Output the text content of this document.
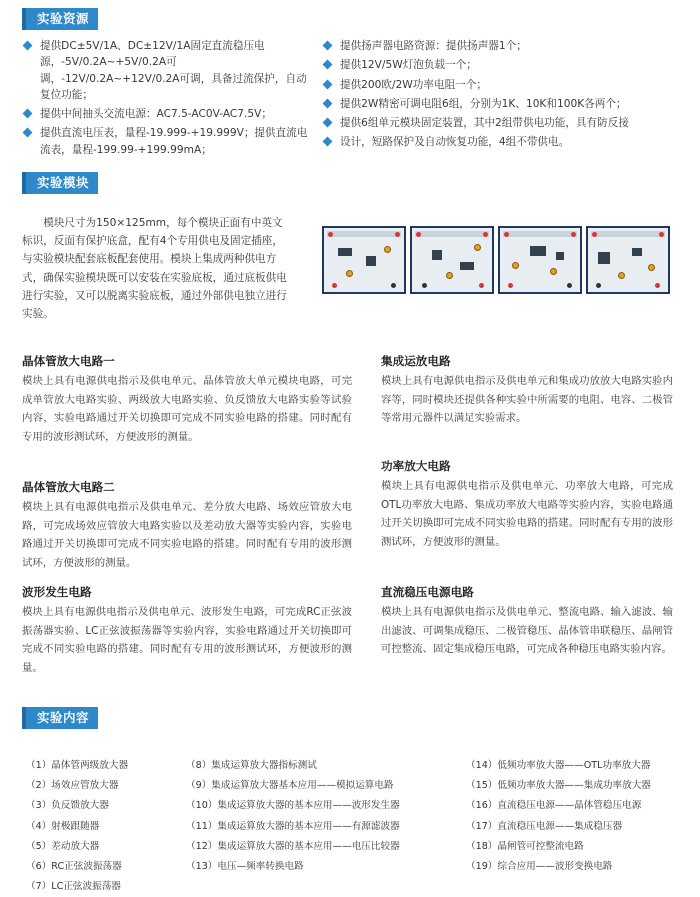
实验资源
提供DC±5V/1A、DC±12V/1A固定直流稳压电源，-5V/0.2A~+5V/0.2A可调，-12V/0.2A~+12V/0.2A可调，具备过流保护，自动复位功能；
提供中间抽头交流电源：AC7.5-AC0V-AC7.5V；
提供直流电压表，量程-19.999-+19.999V；提供直流电流表，量程-199.99-+199.99mA；
提供扬声器电路资源：提供扬声器1个；
提供12V/5W灯泡负载一个；
提供200欧/2W功率电阻一个；
提供2W精密可调电阻6组，分别为1K、10K和100K各两个；
提供6组单元模块固定装置，其中2组带供电功能，具有防反接
设计，短路保护及自动恢复功能，4组不带供电。
实验模块

模块尺寸为150×125mm，每个模块正面有中英文标识，反面有保护底盒，配有4个专用供电及固定插座，与实验模块配套底板配套使用。模块上集成两种供电方式，确保实验模块既可以安装在实验底板，通过底板供电进行实验，又可以脱离实验底板，通过外部供电独立进行实验。

晶体管放大电路一

模块上具有电源供电指示及供电单元、晶体管放大单元模块电路，可完成单管放大电路实验、两级放大电路实验、负反馈放大电路实验等试验内容，实验电路通过开关切换即可完成不同实验电路的搭建。同时配有专用的波形测试环，方便波形的测量。

晶体管放大电路二

模块上具有电源供电指示及供电单元、差分放大电路、场效应管放大电路，可完成场效应管放大电路实验以及差动放大器等实验内容，实验电路通过开关切换即可完成不同实验电路的搭建。同时配有专用的波形测试环，方便波形的测量。

波形发生电路

模块上具有电源供电指示及供电单元、波形发生电路，可完成RC正弦波振荡器实验、LC正弦波振荡器等实验内容，实验电路通过开关切换即可完成不同实验电路的搭建。同时配有专用的波形测试环，方便波形的测量。

集成运放电路

模块上具有电源供电指示及供电单元和集成功放放大电路实验内容等，同时模块还提供各种实验中所需要的电阻、电容、二极管等常用元器件以满足实验需求。

功率放大电路

模块上具有电源供电指示及供电单元、功率放大电路，可完成OTL功率放大电路、集成功率放大电路等实验内容，实验电路通过开关切换即可完成不同实验电路的搭建。同时配有专用的波形测试环，方便波形的测量。

直流稳压电源电路

模块上具有电源供电指示及供电单元、整流电路、输入滤波、输出滤波、可调集成稳压、二极管稳压、晶体管串联稳压、晶闸管可控整流、固定集成稳压电路，可完成各种稳压电路实验内容。

实验内容
（1）晶体管两级放大器
（2）场效应管放大器
（3）负反馈放大器
（4）射极跟随器
（5）差动放大器
（6）RC正弦波振荡器
（7）LC正弦波振荡器
（8）集成运算放大器指标测试
（9）集成运算放大器基本应用——模拟运算电路
（10）集成运算放大器的基本应用——波形发生器
（11）集成运算放大器的基本应用——有源滤波器
（12）集成运算放大器的基本应用——电压比较器
（13）电压—频率转换电路
（14）低频功率放大器——OTL功率放大器
（15）低频功率放大器——集成功率放大器
（16）直流稳压电源——晶体管稳压电源
（17）直流稳压电源——集成稳压器
（18）晶闸管可控整流电路
（19）综合应用——波形变换电路
